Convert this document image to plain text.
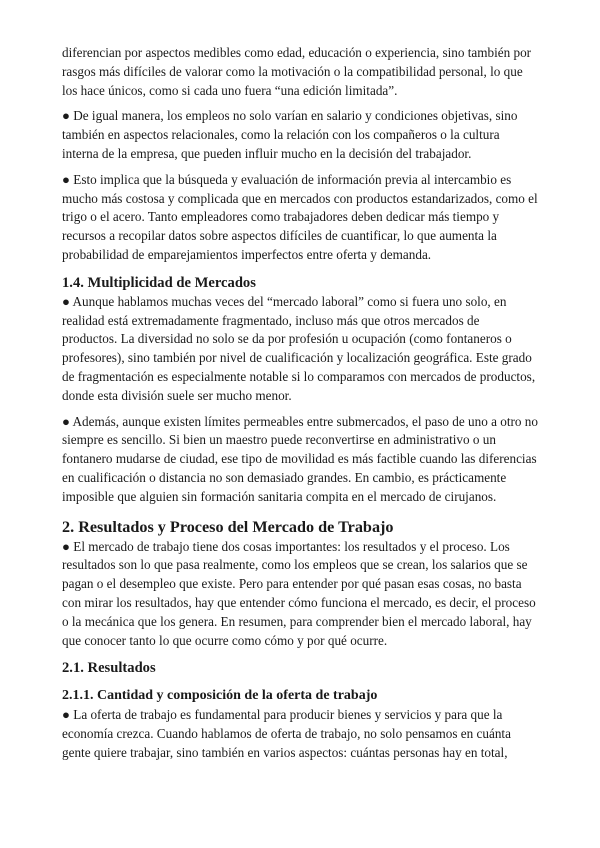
diferencian por aspectos medibles como edad, educación o experiencia, sino también por rasgos más difíciles de valorar como la motivación o la compatibilidad personal, lo que los hace únicos, como si cada uno fuera “una edición limitada”.

● De igual manera, los empleos no solo varían en salario y condiciones objetivas, sino también en aspectos relacionales, como la relación con los compañeros o la cultura interna de la empresa, que pueden influir mucho en la decisión del trabajador.

● Esto implica que la búsqueda y evaluación de información previa al intercambio es mucho más costosa y complicada que en mercados con productos estandarizados, como el trigo o el acero. Tanto empleadores como trabajadores deben dedicar más tiempo y recursos a recopilar datos sobre aspectos difíciles de cuantificar, lo que aumenta la probabilidad de emparejamientos imperfectos entre oferta y demanda.

1.4. Multiplicidad de Mercados

● Aunque hablamos muchas veces del “mercado laboral” como si fuera uno solo, en realidad está extremadamente fragmentado, incluso más que otros mercados de productos. La diversidad no solo se da por profesión u ocupación (como fontaneros o profesores), sino también por nivel de cualificación y localización geográfica. Este grado de fragmentación es especialmente notable si lo comparamos con mercados de productos, donde esta división suele ser mucho menor.

● Además, aunque existen límites permeables entre submercados, el paso de uno a otro no siempre es sencillo. Si bien un maestro puede reconvertirse en administrativo o un fontanero mudarse de ciudad, ese tipo de movilidad es más factible cuando las diferencias en cualificación o distancia no son demasiado grandes. En cambio, es prácticamente imposible que alguien sin formación sanitaria compita en el mercado de cirujanos.

2. Resultados y Proceso del Mercado de Trabajo

● El mercado de trabajo tiene dos cosas importantes: los resultados y el proceso. Los resultados son lo que pasa realmente, como los empleos que se crean, los salarios que se pagan o el desempleo que existe. Pero para entender por qué pasan esas cosas, no basta con mirar los resultados, hay que entender cómo funciona el mercado, es decir, el proceso o la mecánica que los genera. En resumen, para comprender bien el mercado laboral, hay que conocer tanto lo que ocurre como cómo y por qué ocurre.

2.1. Resultados
2.1.1. Cantidad y composición de la oferta de trabajo

● La oferta de trabajo es fundamental para producir bienes y servicios y para que la economía crezca. Cuando hablamos de oferta de trabajo, no solo pensamos en cuánta gente quiere trabajar, sino también en varios aspectos: cuántas personas hay en total,
